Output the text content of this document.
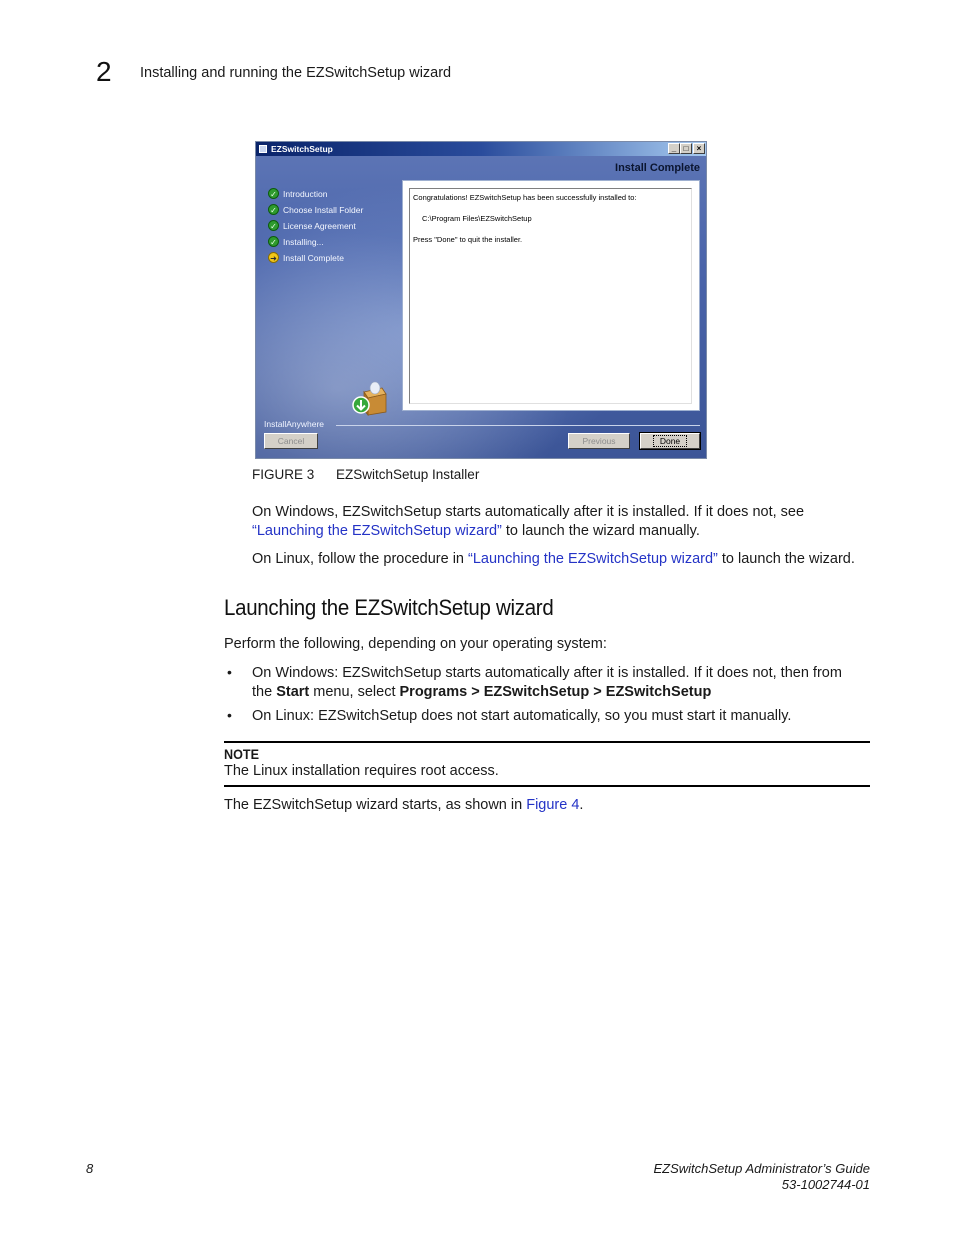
2 Installing and running the EZSwitchSetup wizard
EZSwitchSetup	_ □	×
Install Complete
✓ Introduction
✓ Choose Install Folder
✓ License Agreement
✓ Installing...
➜ Install Complete
InstallAnywhere
Congratulations! EZSwitchSetup has been successfully installed to:
C:\Program Files\EZSwitchSetup
Press "Done" to quit the installer.
Cancel	Previous	Done
FIGURE 3 EZSwitchSetup Installer
On Windows, EZSwitchSetup starts automatically after it is installed. If it does not, see
“Launching the EZSwitchSetup wizard” to launch the wizard manually.
On Linux, follow the procedure in “Launching the EZSwitchSetup wizard” to launch the wizard.
Launching the EZSwitchSetup wizard
Perform the following, depending on your operating system:
• On Windows: EZSwitchSetup starts automatically after it is installed. If it does not, then from
the Start menu, select Programs > EZSwitchSetup > EZSwitchSetup
• On Linux: EZSwitchSetup does not start automatically, so you must start it manually.
NOTE
The Linux installation requires root access.
The EZSwitchSetup wizard starts, as shown in Figure 4.
8	EZSwitchSetup Administrator’s Guide
53-1002744-01
